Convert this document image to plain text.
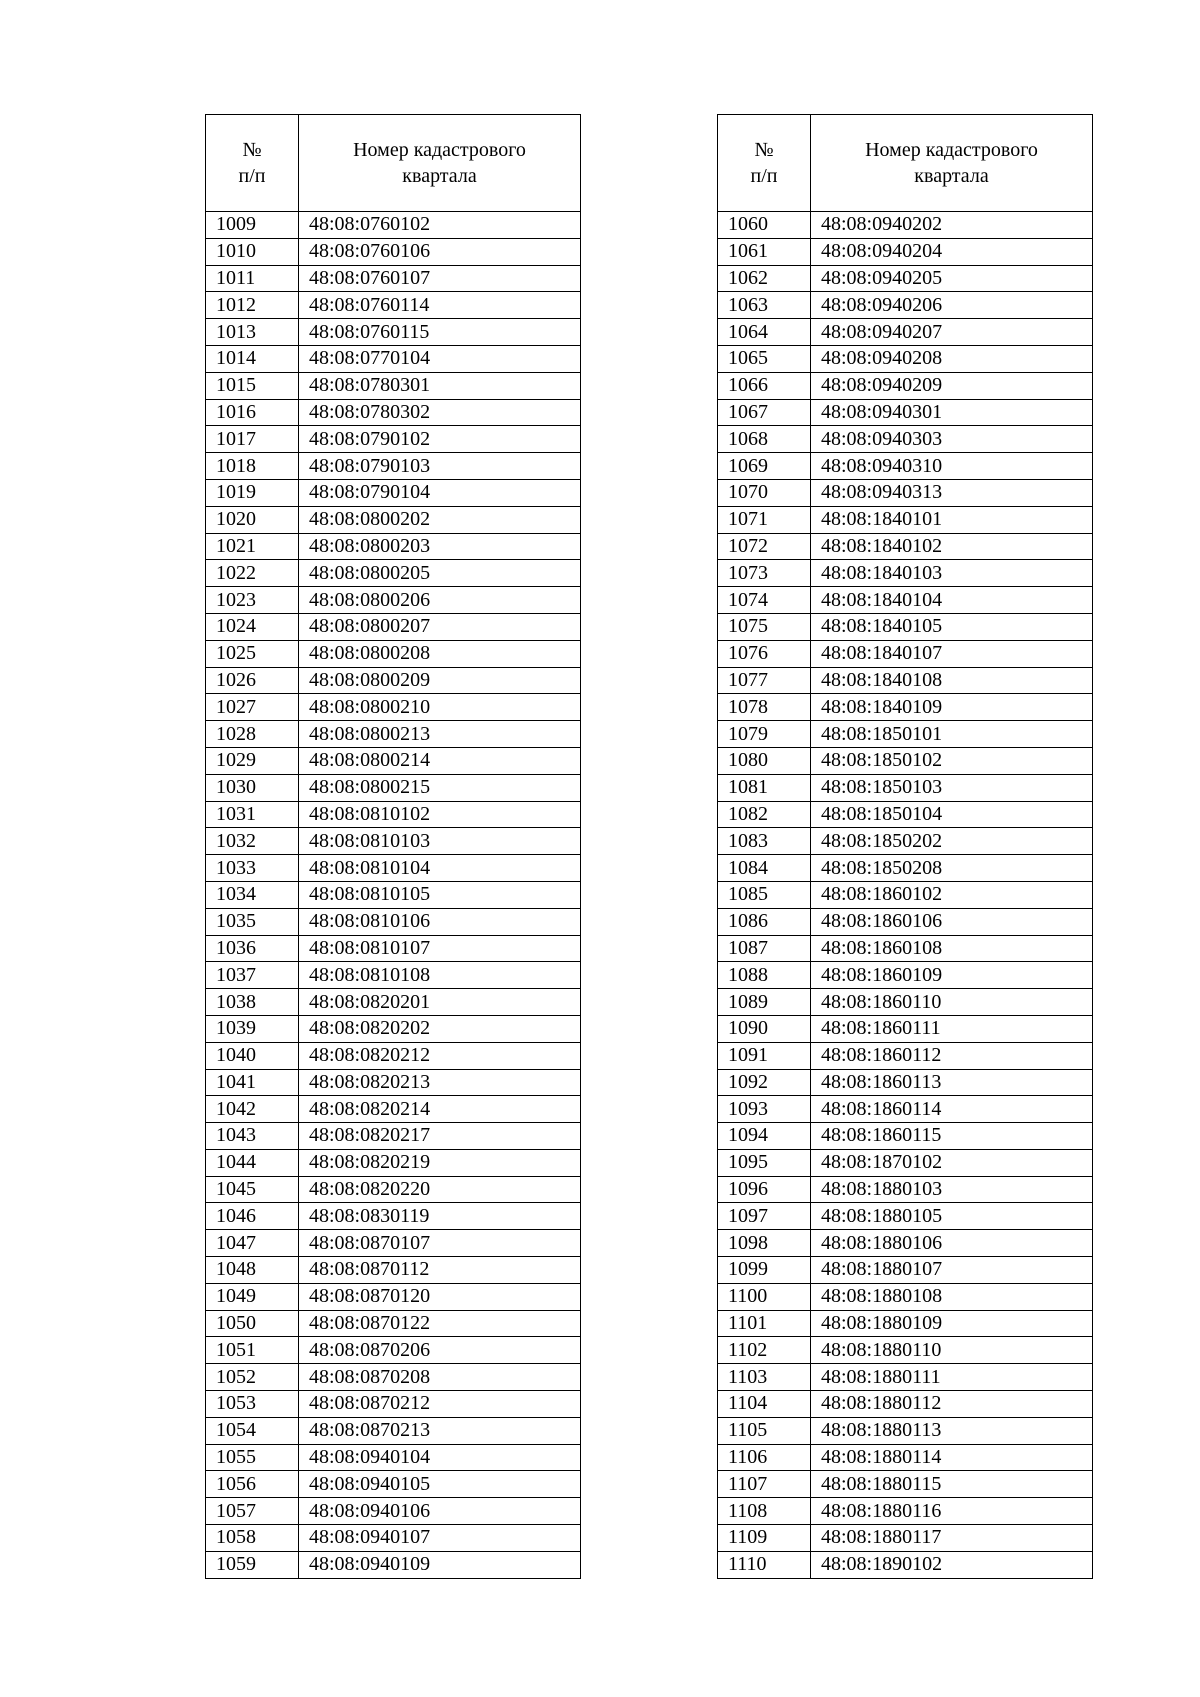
№
п/п	Номер кадастрового
квартала

1009	48:08:0760102
1010	48:08:0760106
1011	48:08:0760107
1012	48:08:0760114
1013	48:08:0760115
1014	48:08:0770104
1015	48:08:0780301
1016	48:08:0780302
1017	48:08:0790102
1018	48:08:0790103
1019	48:08:0790104
1020	48:08:0800202
1021	48:08:0800203
1022	48:08:0800205
1023	48:08:0800206
1024	48:08:0800207
1025	48:08:0800208
1026	48:08:0800209
1027	48:08:0800210
1028	48:08:0800213
1029	48:08:0800214
1030	48:08:0800215
1031	48:08:0810102
1032	48:08:0810103
1033	48:08:0810104
1034	48:08:0810105
1035	48:08:0810106
1036	48:08:0810107
1037	48:08:0810108
1038	48:08:0820201
1039	48:08:0820202
1040	48:08:0820212
1041	48:08:0820213
1042	48:08:0820214
1043	48:08:0820217
1044	48:08:0820219
1045	48:08:0820220
1046	48:08:0830119
1047	48:08:0870107
1048	48:08:0870112
1049	48:08:0870120
1050	48:08:0870122
1051	48:08:0870206
1052	48:08:0870208
1053	48:08:0870212
1054	48:08:0870213
1055	48:08:0940104
1056	48:08:0940105
1057	48:08:0940106
1058	48:08:0940107
1059	48:08:0940109
№
п/п	Номер кадастрового
квартала

1060	48:08:0940202
1061	48:08:0940204
1062	48:08:0940205
1063	48:08:0940206
1064	48:08:0940207
1065	48:08:0940208
1066	48:08:0940209
1067	48:08:0940301
1068	48:08:0940303
1069	48:08:0940310
1070	48:08:0940313
1071	48:08:1840101
1072	48:08:1840102
1073	48:08:1840103
1074	48:08:1840104
1075	48:08:1840105
1076	48:08:1840107
1077	48:08:1840108
1078	48:08:1840109
1079	48:08:1850101
1080	48:08:1850102
1081	48:08:1850103
1082	48:08:1850104
1083	48:08:1850202
1084	48:08:1850208
1085	48:08:1860102
1086	48:08:1860106
1087	48:08:1860108
1088	48:08:1860109
1089	48:08:1860110
1090	48:08:1860111
1091	48:08:1860112
1092	48:08:1860113
1093	48:08:1860114
1094	48:08:1860115
1095	48:08:1870102
1096	48:08:1880103
1097	48:08:1880105
1098	48:08:1880106
1099	48:08:1880107
1100	48:08:1880108
1101	48:08:1880109
1102	48:08:1880110
1103	48:08:1880111
1104	48:08:1880112
1105	48:08:1880113
1106	48:08:1880114
1107	48:08:1880115
1108	48:08:1880116
1109	48:08:1880117
1110	48:08:1890102
